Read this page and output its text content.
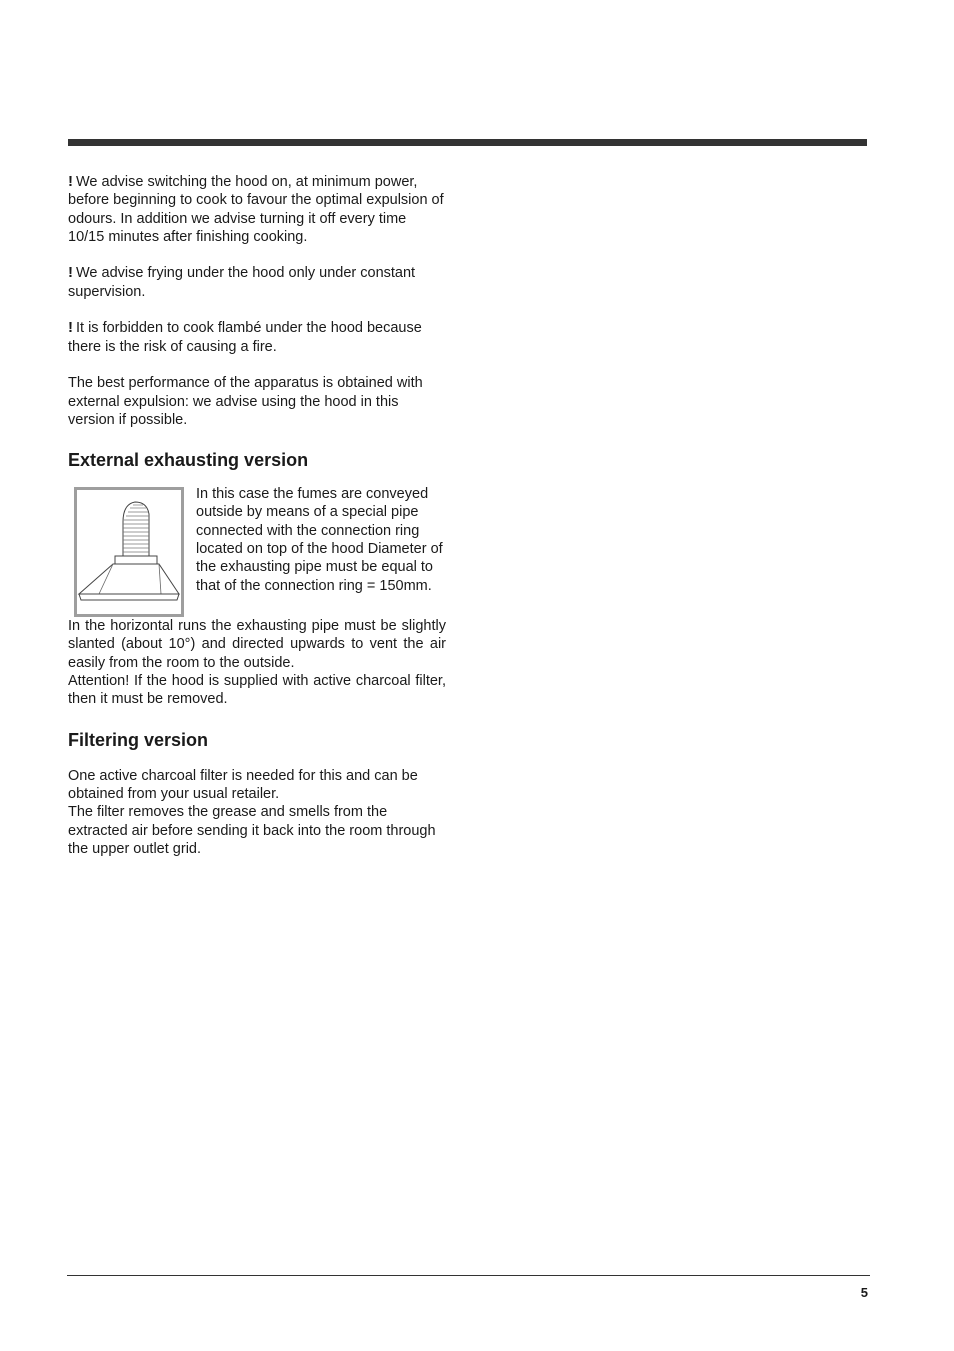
! We advise switching the hood on, at minimum power, before beginning to cook to favour the optimal expulsion of odours. In addition we advise turning it off every time 10/15 minutes after finishing cooking.

! We advise frying under the hood only under constant supervision.

! It is forbidden to cook flambé under the hood because there is the risk of causing a fire.

The best performance of the apparatus is obtained with external expulsion: we advise using the hood in this version if possible.

External exhausting version
In this case the fumes are conveyed outside by means of a special pipe connected with the connection ring located on top of the hood Diameter of the exhausting pipe must be equal to that of the connection ring = 150mm.

In the horizontal runs the exhausting pipe must be slightly slanted (about 10°) and directed upwards to vent the air easily from the room to the outside.

Attention! If the hood is supplied with active charcoal filter, then it must be removed.

Filtering version

One active charcoal filter is needed for this and can be obtained from your usual retailer.

The filter removes the grease and smells from the extracted air before sending it back into the room through the upper outlet grid.

5
